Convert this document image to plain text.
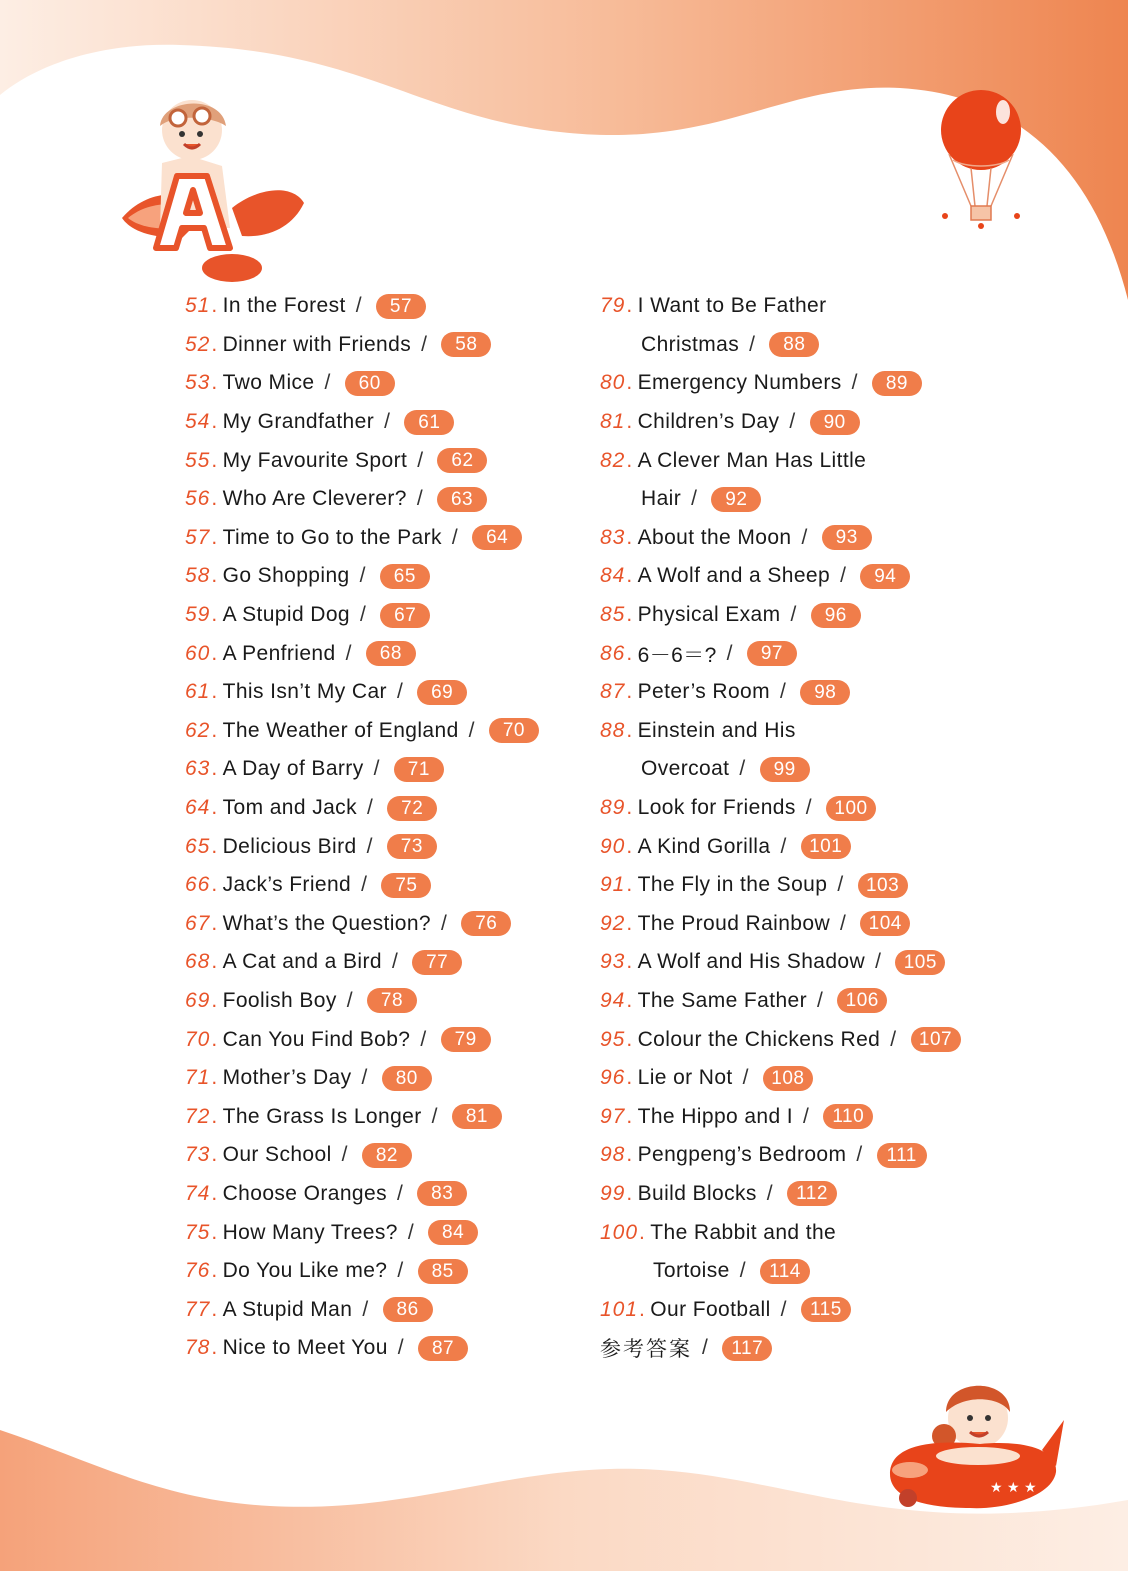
★ ★ ★
51 . In the Forest /	57
52 . Dinner with Friends /	58
53 . Two Mice /	60
54 . My Grandfather /	61
55 . My Favourite Sport /	62
56 . Who Are Cleverer? /	63
57 . Time to Go to the Park /	64
58 . Go Shopping /	65
59 . A Stupid Dog /	67
60 . A Penfriend /	68
61 . This Isn’t My Car /	69
62 . The Weather of England /	70
63 . A Day of Barry /	71
64 . Tom and Jack /	72
65 . Delicious Bird /	73
66 . Jack’s Friend /	75
67 . What’s the Question? /	76
68 . A Cat and a Bird /	77
69 . Foolish Boy /	78
70 . Can You Find Bob? /	79
71 . Mother’s Day /	80
72 . The Grass Is Longer /	81
73 . Our School /	82
74 . Choose Oranges /	83
75 . How Many Trees? /	84
76 . Do You Like me? /	85
77 . A Stupid Man /	86
78 . Nice to Meet You /	87
79 . I Want to Be Father
Christmas /	88
80 . Emergency Numbers /	89
81 . Children’s Day /	90
82 . A Clever Man Has Little
Hair /	92
83 . About the Moon /	93
84 . A Wolf and a Sheep /	94
85 . Physical Exam /	96
86 . 6－6＝? /	97
87 . Peter’s Room /	98
88 . Einstein and His
Overcoat /	99
89 . Look for Friends /	100
90 . A Kind Gorilla /	101
91 . The Fly in the Soup /	103
92 . The Proud Rainbow /	104
93 . A Wolf and His Shadow /	105
94 . The Same Father /	106
95 . Colour the Chickens Red /	107
96 . Lie or Not /	108
97 . The Hippo and I /	110
98 . Pengpeng’s Bedroom /	111
99 . Build Blocks /	112
100 . The Rabbit and the
Tortoise /	114
101 . Our Football /	115
参考答案 /	117
